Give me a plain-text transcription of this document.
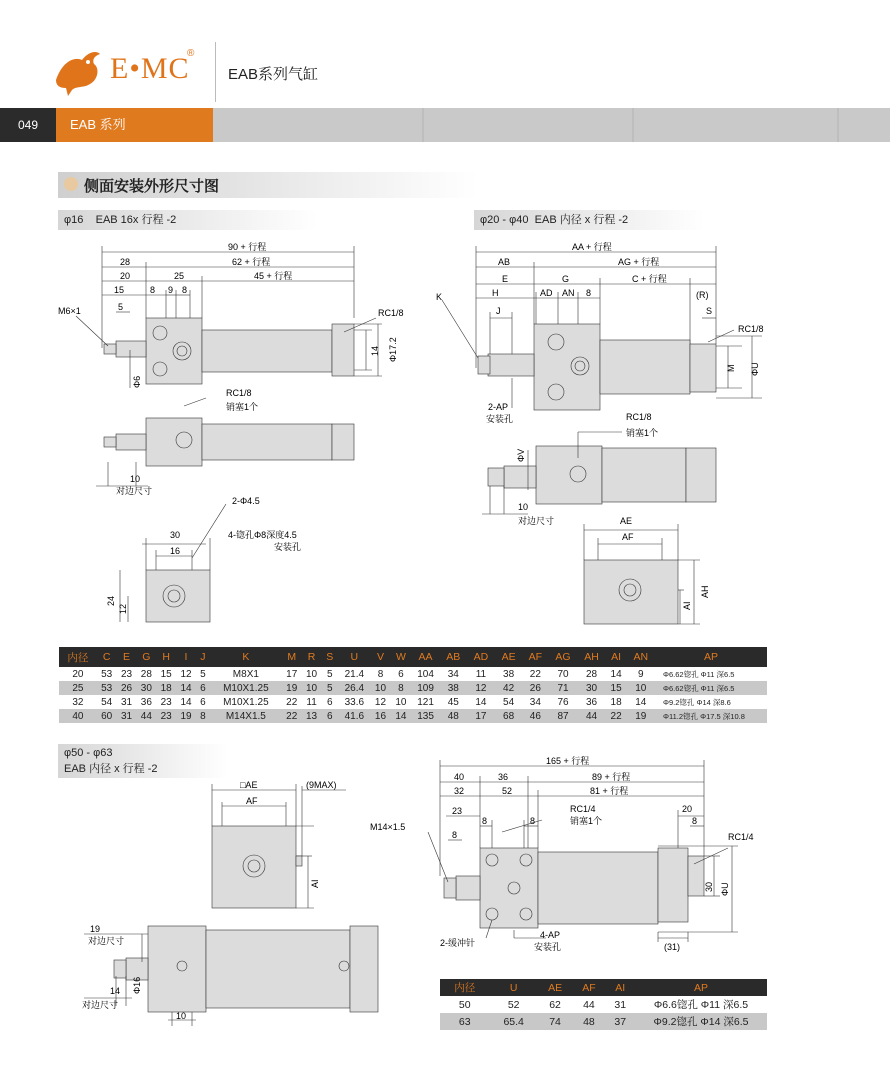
E•MC
®
EAB系列气缸
049	EAB 系列
侧面安装外形尺寸图
φ16 EAB 16x 行程 -2	φ20 - φ40 EAB 内径 x 行程 -2
90 + 行程
28	62 + 行程
20	25	45 + 行程
15	8 9 8
5
M6×1	RC1/8
14 Φ17.2
Φ6
RC1/8
销塞1个
10
对边尺寸
2-Φ4.5
4-锪孔Φ8深度4.5
安装孔
30
16
24
12
AA + 行程
AB	AG + 行程
K
E	G	C + 行程
(R)
H	AD AN 8
J	S
RC1/8
M ΦU
2-AP
安装孔	RC1/8
销塞1个
ΦV
10
对边尺寸	AE
AF
AI
AH
内径	C	E	G	H	I	J	K	M	R	S	U	V	W	AA	AB	AD	AE	AF	AG	AH	AI	AN	AP
20	53	23	28	15	12	5	M8X1	17	10	5	21.4	8	6	104	34	11	38	22	70	28	14	9	Φ6.62锪孔 Φ11 深6.5
25	53	26	30	18	14	6	M10X1.25	19	10	5	26.4	10	8	109	38	12	42	26	71	30	15	10	Φ6.62锪孔 Φ11 深6.5
32	54	31	36	23	14	6	M10X1.25	22	11	6	33.6	12	10	121	45	14	54	34	76	36	18	14	Φ9.2锪孔 Φ14 深8.6
40	60	31	44	23	19	8	M14X1.5	22	13	6	41.6	16	14	135	48	17	68	46	87	44	22	19	Φ11.2锪孔 Φ17.5 深10.8
φ50 - φ63
EAB 内径 x 行程 -2
□AE	(9MAX)
AF
AI
19
对边尺寸
14
对边尺寸
Φ16
10
165 + 行程
40	36	89 + 行程
32	52	81 + 行程
23	RC1/4
销塞1个
20
M14×1.5
8	8
8
8
RC1/4
30 ΦU
(31)
2-缓冲针
4-AP
安装孔
内径	U	AE	AF	AI	AP
50	52	62	44	31	Φ6.6锪孔 Φ11 深6.5
63	65.4	74	48	37	Φ9.2锪孔 Φ14 深6.5
